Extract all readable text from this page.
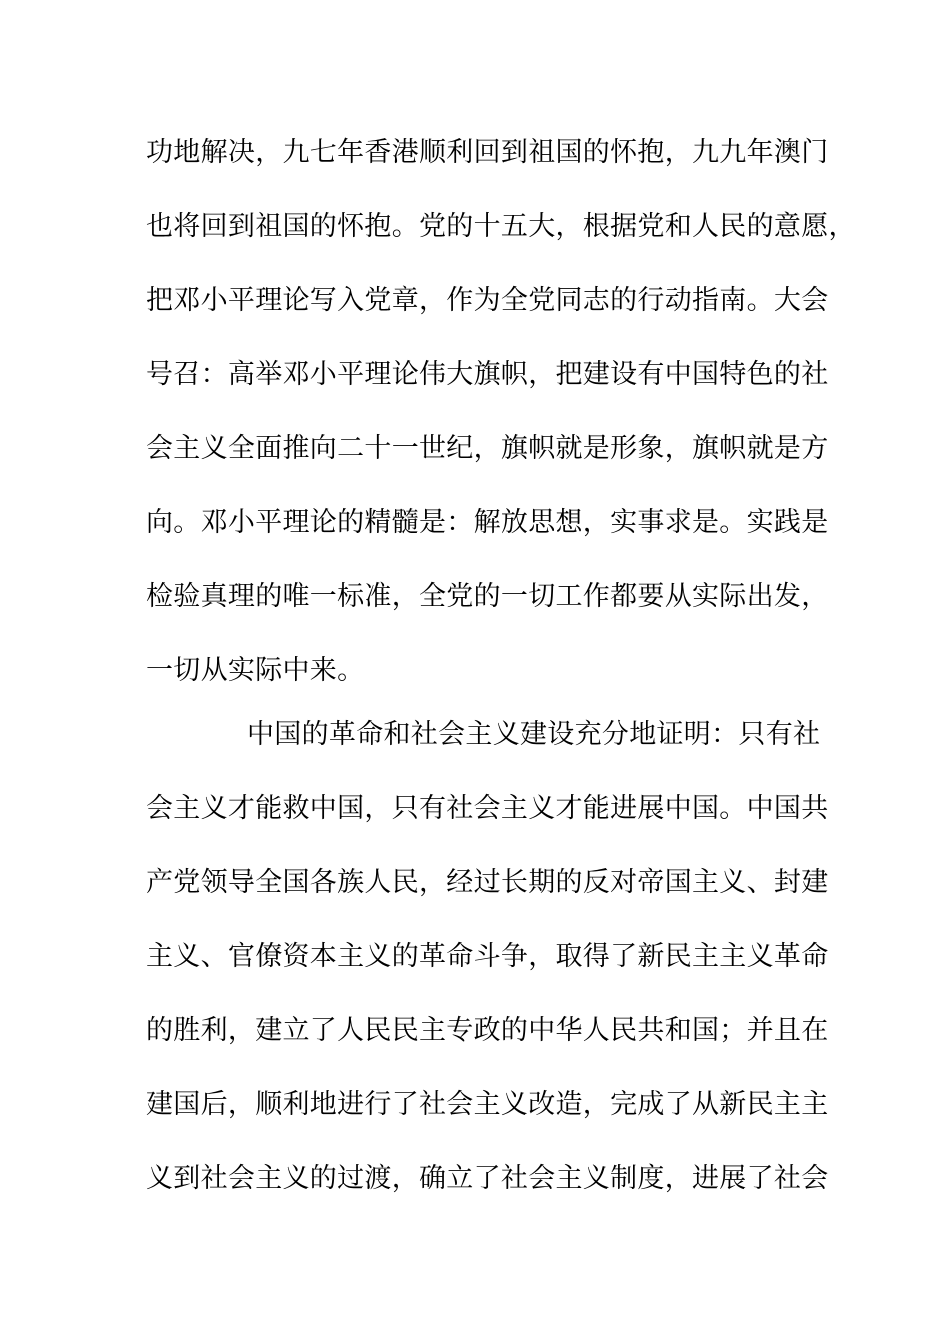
功地解决，九七年香港顺利回到祖国的怀抱，九九年澳门
也将回到祖国的怀抱。党的十五大，根据党和人民的意愿，
把邓小平理论写入党章，作为全党同志的行动指南。大会
号召：高举邓小平理论伟大旗帜，把建设有中国特色的社
会主义全面推向二十一世纪，旗帜就是形象，旗帜就是方
向。邓小平理论的精髓是：解放思想，实事求是。实践是
检验真理的唯一标准，全党的一切工作都要从实际出发，
一切从实际中来。
中国的革命和社会主义建设充分地证明：只有社
会主义才能救中国，只有社会主义才能进展中国。中国共
产党领导全国各族人民，经过长期的反对帝国主义、封建
主义、官僚资本主义的革命斗争，取得了新民主主义革命
的胜利，建立了人民民主专政的中华人民共和国；并且在
建国后，顺利地进行了社会主义改造，完成了从新民主主
义到社会主义的过渡，确立了社会主义制度，进展了社会
